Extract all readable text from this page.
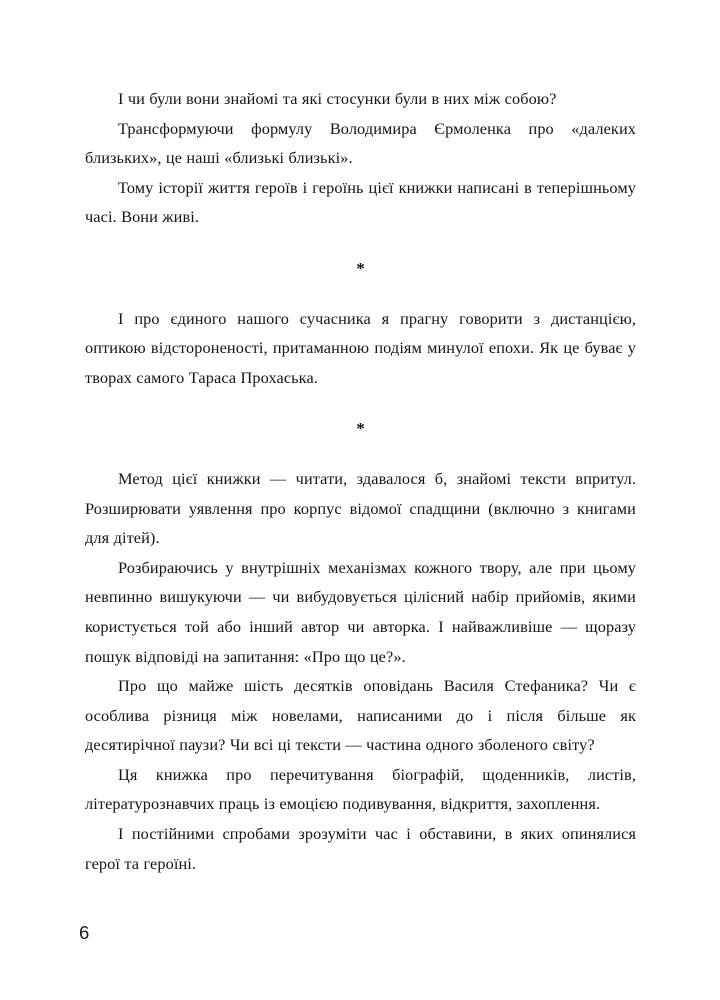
І чи були вони знайомі та які стосунки були в них між собою?

Трансформуючи формулу Володимира Єрмоленка про «далеких близьких», це наші «близькі близькі».

Тому історії життя героїв і героїнь цієї книжки написані в теперішньому часі. Вони живі.

*

І про єдиного нашого сучасника я прагну говорити з дистанцією, оптикою відстороненості, притаманною подіям минулої епохи. Як це буває у творах самого Тараса Прохаська.

*

Метод цієї книжки — читати, здавалося б, знайомі тексти впритул. Розширювати уявлення про корпус відомої спадщини (включно з книгами для дітей).

Розбираючись у внутрішніх механізмах кожного твору, але при цьому невпинно вишукуючи — чи вибудовується цілісний набір прийомів, якими користується той або інший автор чи авторка. І найважливіше — щоразу пошук відповіді на запитання: «Про що це?».

Про що майже шість десятків оповідань Василя Стефаника? Чи є особлива різниця між новелами, написаними до і після більше як десятирічної паузи? Чи всі ці тексти — частина одного зболеного світу?

Ця книжка про перечитування біографій, щоденників, листів, літературознавчих праць із емоцією подивування, відкриття, захоплення.

І постійними спробами зрозуміти час і обставини, в яких опинялися герої та героїні.

6
